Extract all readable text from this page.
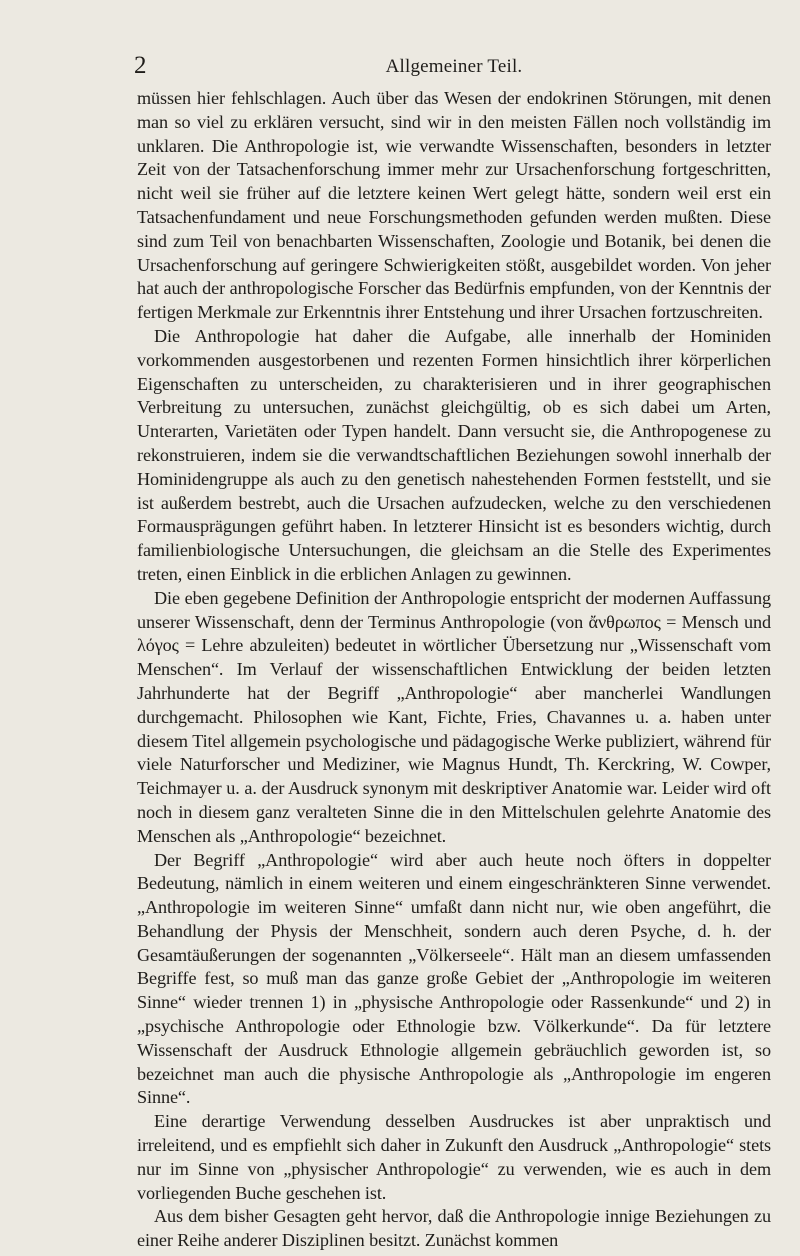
2	Allgemeiner Teil.

müssen hier fehlschlagen. Auch über das Wesen der endokrinen Störungen, mit denen man so viel zu erklären versucht, sind wir in den meisten Fällen noch vollständig im unklaren. Die Anthropologie ist, wie verwandte Wissenschaften, besonders in letzter Zeit von der Tatsachenforschung immer mehr zur Ursachenforschung fortgeschritten, nicht weil sie früher auf die letztere keinen Wert gelegt hätte, sondern weil erst ein Tatsachenfundament und neue Forschungsmethoden gefunden werden mußten. Diese sind zum Teil von benachbarten Wissenschaften, Zoologie und Botanik, bei denen die Ursachenforschung auf geringere Schwierigkeiten stößt, ausgebildet worden. Von jeher hat auch der anthropologische Forscher das Bedürfnis empfunden, von der Kenntnis der fertigen Merkmale zur Erkenntnis ihrer Entstehung und ihrer Ursachen fortzuschreiten.

Die Anthropologie hat daher die Aufgabe, alle innerhalb der Hominiden vorkommenden ausgestorbenen und rezenten Formen hinsichtlich ihrer körperlichen Eigenschaften zu unterscheiden, zu charakterisieren und in ihrer geographischen Verbreitung zu untersuchen, zunächst gleichgültig, ob es sich dabei um Arten, Unterarten, Varietäten oder Typen handelt. Dann versucht sie, die Anthropogenese zu rekonstruieren, indem sie die verwandtschaftlichen Beziehungen sowohl innerhalb der Hominidengruppe als auch zu den genetisch nahestehenden Formen feststellt, und sie ist außerdem bestrebt, auch die Ursachen aufzudecken, welche zu den verschiedenen Formausprägungen geführt haben. In letzterer Hinsicht ist es besonders wichtig, durch familienbiologische Untersuchungen, die gleichsam an die Stelle des Experimentes treten, einen Einblick in die erblichen Anlagen zu gewinnen.

Die eben gegebene Definition der Anthropologie entspricht der modernen Auffassung unserer Wissenschaft, denn der Terminus Anthropologie (von ἄνθρωπος = Mensch und λόγος = Lehre abzuleiten) bedeutet in wörtlicher Übersetzung nur „Wissenschaft vom Menschen“. Im Verlauf der wissenschaftlichen Entwicklung der beiden letzten Jahrhunderte hat der Begriff „Anthropologie“ aber mancherlei Wandlungen durchgemacht. Philosophen wie Kant, Fichte, Fries, Chavannes u. a. haben unter diesem Titel allgemein psychologische und pädagogische Werke publiziert, während für viele Naturforscher und Mediziner, wie Magnus Hundt, Th. Kerckring, W. Cowper, Teichmayer u. a. der Ausdruck synonym mit deskriptiver Anatomie war. Leider wird oft noch in diesem ganz veralteten Sinne die in den Mittelschulen gelehrte Anatomie des Menschen als „Anthropologie“ bezeichnet.

Der Begriff „Anthropologie“ wird aber auch heute noch öfters in doppelter Bedeutung, nämlich in einem weiteren und einem eingeschränkteren Sinne verwendet. „Anthropologie im weiteren Sinne“ umfaßt dann nicht nur, wie oben angeführt, die Behandlung der Physis der Menschheit, sondern auch deren Psyche, d. h. der Gesamtäußerungen der sogenannten „Völkerseele“. Hält man an diesem umfassenden Begriffe fest, so muß man das ganze große Gebiet der „Anthropologie im weiteren Sinne“ wieder trennen 1) in „physische Anthropologie oder Rassenkunde“ und 2) in „psychische Anthropologie oder Ethnologie bzw. Völkerkunde“. Da für letztere Wissenschaft der Ausdruck Ethnologie allgemein gebräuchlich geworden ist, so bezeichnet man auch die physische Anthropologie als „Anthropologie im engeren Sinne“.

Eine derartige Verwendung desselben Ausdruckes ist aber unpraktisch und irreleitend, und es empfiehlt sich daher in Zukunft den Ausdruck „Anthropologie“ stets nur im Sinne von „physischer Anthropologie“ zu verwenden, wie es auch in dem vorliegenden Buche geschehen ist.

Aus dem bisher Gesagten geht hervor, daß die Anthropologie innige Beziehungen zu einer Reihe anderer Disziplinen besitzt. Zunächst kommen
